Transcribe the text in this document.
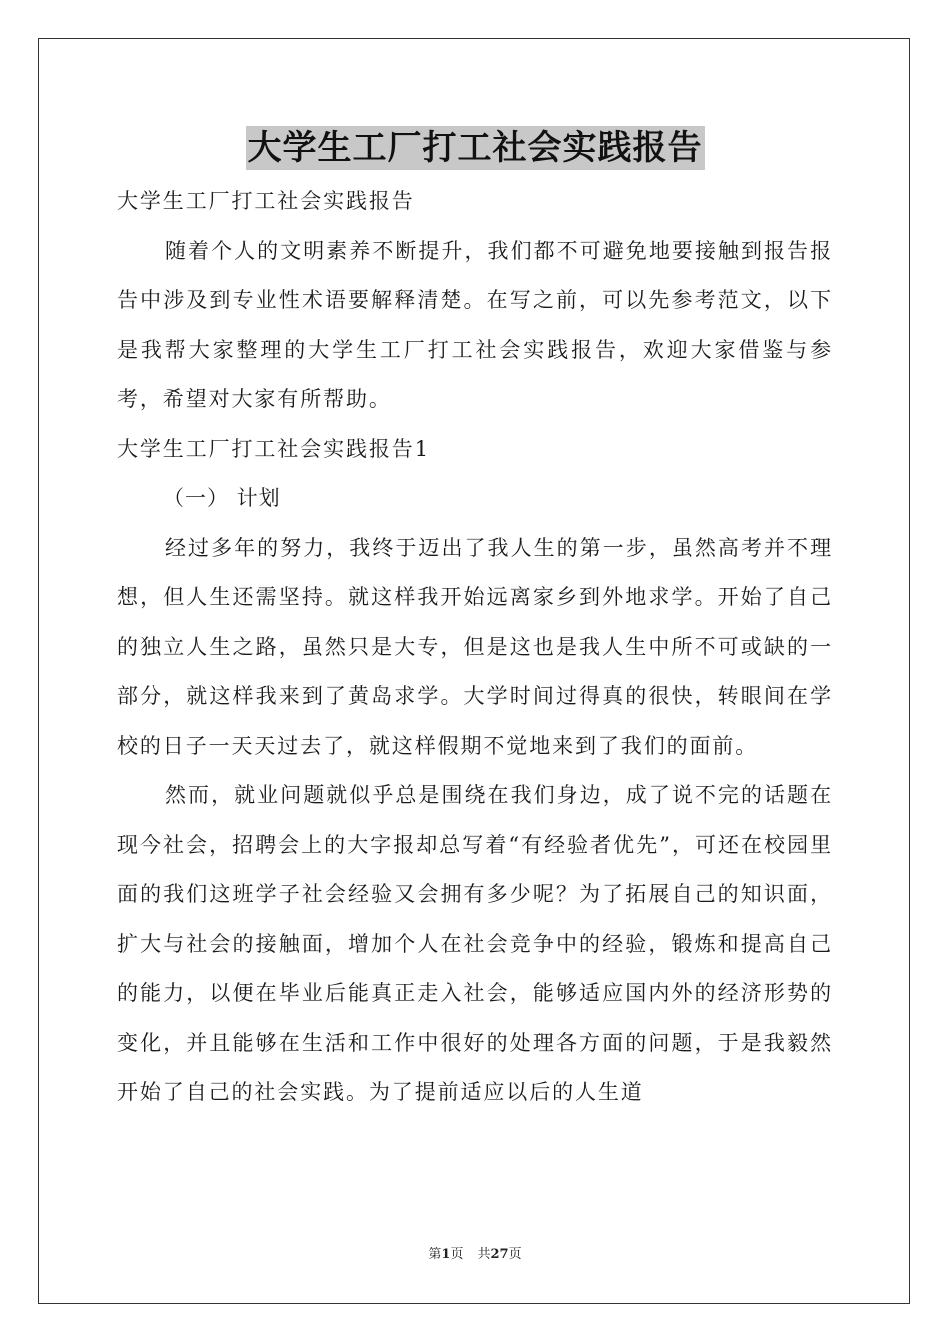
大学生工厂打工社会实践报告

大学生工厂打工社会实践报告

随着个人的文明素养不断提升，我们都不可避免地要接触到报告报告中涉及到专业性术语要解释清楚。在写之前，可以先参考范文，以下是我帮大家整理的大学生工厂打工社会实践报告，欢迎大家借鉴与参考，希望对大家有所帮助。

大学生工厂打工社会实践报告1

（一） 计划

经过多年的努力，我终于迈出了我人生的第一步，虽然高考并不理想，但人生还需坚持。就这样我开始远离家乡到外地求学。开始了自己的独立人生之路，虽然只是大专，但是这也是我人生中所不可或缺的一部分，就这样我来到了黄岛求学。大学时间过得真的很快，转眼间在学校的日子一天天过去了，就这样假期不觉地来到了我们的面前。

然而，就业问题就似乎总是围绕在我们身边，成了说不完的话题在现今社会，招聘会上的大字报却总写着“有经验者优先”，可还在校园里面的我们这班学子社会经验又会拥有多少呢？为了拓展自己的知识面，扩大与社会的接触面，增加个人在社会竞争中的经验，锻炼和提高自己的能力，以便在毕业后能真正走入社会，能够适应国内外的经济形势的变化，并且能够在生活和工作中很好的处理各方面的问题，于是我毅然开始了自己的社会实践。为了提前适应以后的人生道

第1页 共27页
